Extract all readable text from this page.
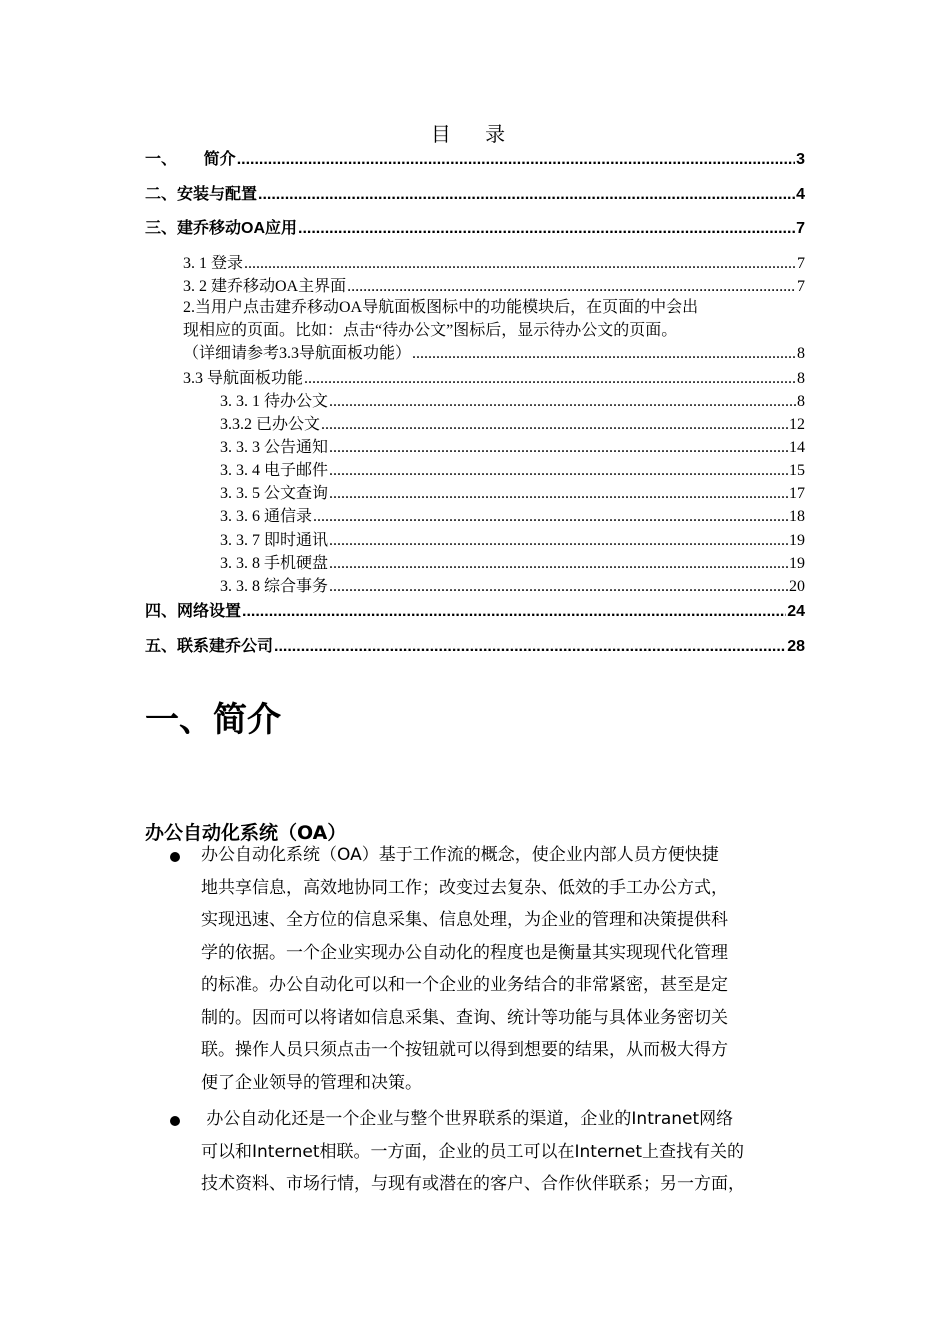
目 录
一、      简介 .....	3
二、安装与配置 .....	4
三、建乔移动OA应用 .....	7
3. 1 登录 .....	7
3. 2 建乔移动OA主界面 .....	7
2.当用户点击建乔移动OA导航面板图标中的功能模块后，在页面的中会出
现相应的页面。比如：点击“待办公文”图标后，显示待办公文的页面。
（详细请参考3.3导航面板功能） .....	8
3.3 导航面板功能 .....	8
3. 3. 1 待办公文 .....	8
3.3.2 已办公文 .....	12
3. 3. 3 公告通知 .....	14
3. 3. 4 电子邮件 .....	15
3. 3. 5 公文查询 .....	17
3. 3. 6 通信录 .....	18
3. 3. 7 即时通讯 .....	19
3. 3. 8 手机硬盘 .....	19
3. 3. 8 综合事务 .....	20
四、网络设置 .....	24
五、联系建乔公司 .....	28
一、简介
办公自动化系统（OA）
办公自动化系统（OA）基于工作流的概念，使企业内部人员方便快捷
地共享信息，高效地协同工作；改变过去复杂、低效的手工办公方式，
实现迅速、全方位的信息采集、信息处理，为企业的管理和决策提供科
学的依据。一个企业实现办公自动化的程度也是衡量其实现现代化管理
的标准。办公自动化可以和一个企业的业务结合的非常紧密，甚至是定
制的。因而可以将诸如信息采集、查询、统计等功能与具体业务密切关
联。操作人员只须点击一个按钮就可以得到想要的结果，从而极大得方
便了企业领导的管理和决策。
办公自动化还是一个企业与整个世界联系的渠道，企业的Intranet网络
可以和Internet相联。一方面，企业的员工可以在Internet上查找有关的
技术资料、市场行情，与现有或潜在的客户、合作伙伴联系；另一方面，
